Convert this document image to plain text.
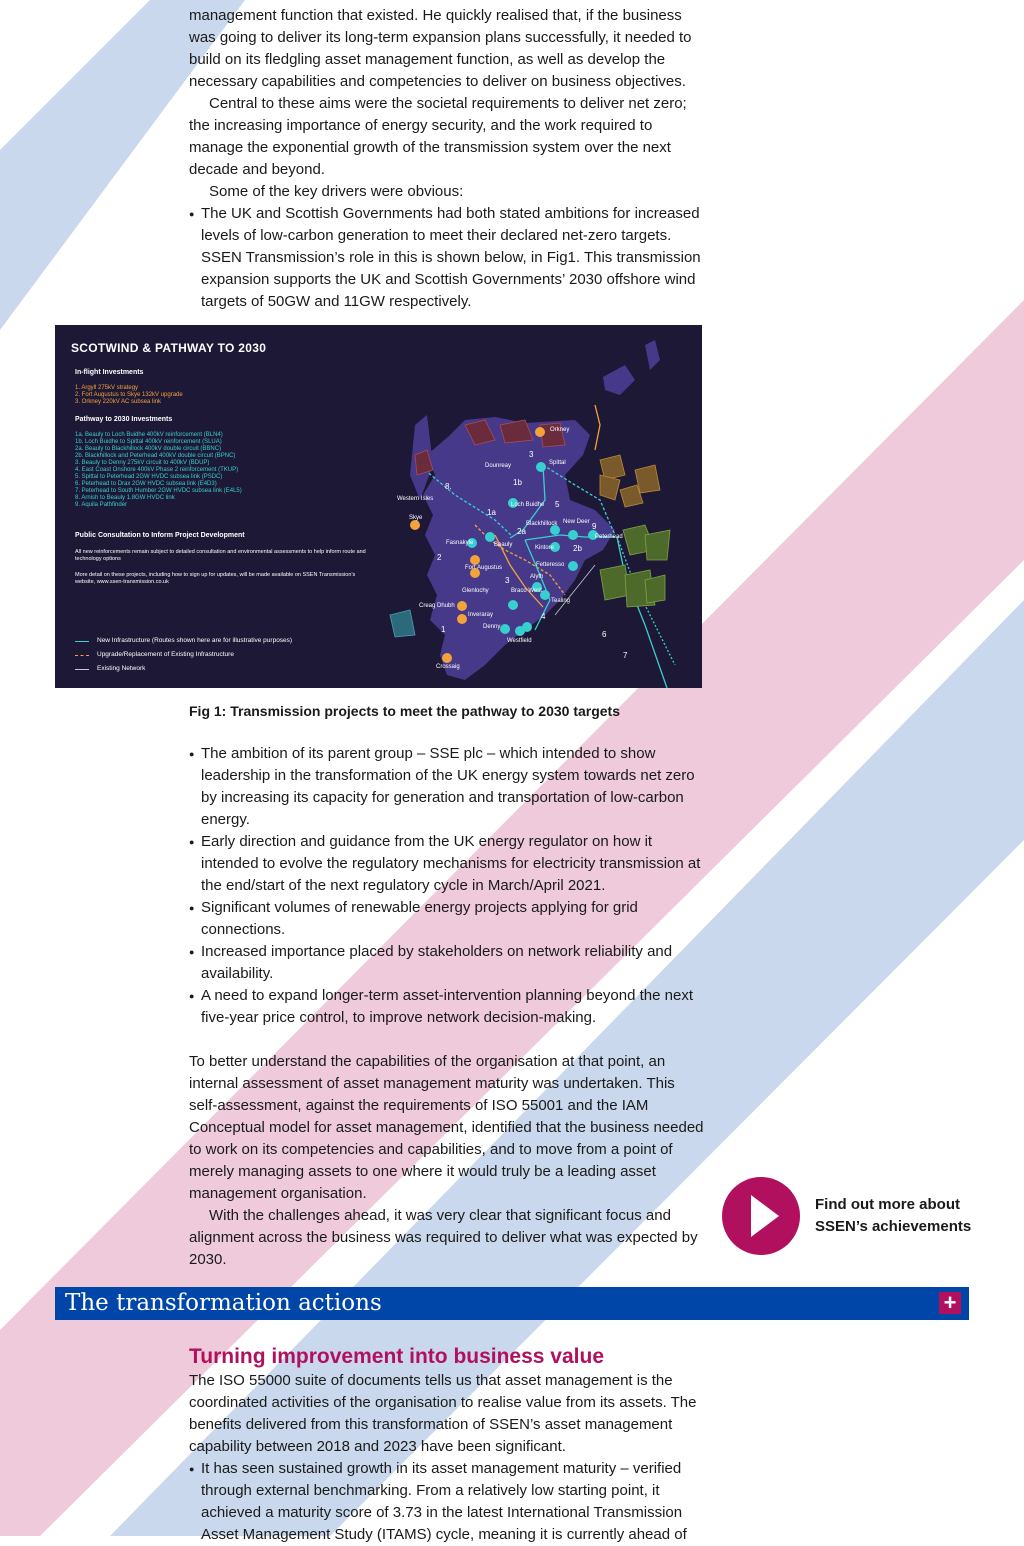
management function that existed. He quickly realised that, if the business was going to deliver its long-term expansion plans successfully, it needed to build on its fledgling asset management function, as well as develop the necessary capabilities and competencies to deliver on business objectives.

Central to these aims were the societal requirements to deliver net zero; the increasing importance of energy security, and the work required to manage the exponential growth of the transmission system over the next decade and beyond.

Some of the key drivers were obvious:

● The UK and Scottish Governments had both stated ambitions for increased levels of low-carbon generation to meet their declared net-zero targets. SSEN Transmission’s role in this is shown below, in Fig1. This transmission expansion supports the UK and Scottish Governments’ 2030 offshore wind targets of 50GW and 11GW respectively.
SCOTWIND & PATHWAY TO 2030
In-flight Investments
1. Argyll 275kV strategy
2. Fort Augustus to Skye 132kV upgrade
3. Orkney 220kV AC subsea link
Pathway to 2030 Investments
1a. Beauly to Loch Buidhe 400kV reinforcement (BLN4)
1b. Loch Buidhe to Spittal 400kV reinforcement (SLUA)
2a. Beauly to Blackhillock 400kV double circuit (BBNC)
2b. Blackhillock and Peterhead 400kV double circuit (BPNC)
3. Beauly to Denny 275kV circuit to 400kV (BDUP)
4. East Coast Onshore 400kV Phase 2 reinforcement (TKUP)
5. Spittal to Peterhead 2GW HVDC subsea link (PSDC)
6. Peterhead to Drax 2GW HVDC subsea link (E4D3)
7. Peterhead to South Humber 2GW HVDC subsea link (E4L5)
8. Arnish to Beauly 1.8GW HVDC link
9. Aquila Pathfinder
Public Consultation to Inform Project Development
All new reinforcements remain subject to detailed consultation and environmental assessments to help inform route and technology options
More detail on these projects, including how to sign up for updates, will be made available on SSEN Transmission’s website, www.ssen-transmission.co.uk
New Infrastructure (Routes shown here are for illustrative purposes)
Upgrade/Replacement of Existing Infrastructure
Existing Network
Orkney
Dounreay	Spittal
Western Isles
Loch Buidhe
Skye
Blackhillock New Deer
Peterhead
Fasnakyle	Beauly	Kintore
Fort Augustus	Fetteresso
Alyth
Glenlochy	Braco West
Tealing
Creag Dhubh
Inveraray
Denny
Westfield
Crossaig
3
1b
1a
2a
2b
5
8.
9
2
3
4
1
6
7
Fig 1: Transmission projects to meet the pathway to 2030 targets
● The ambition of its parent group – SSE plc – which intended to show leadership in the transformation of the UK energy system towards net zero by increasing its capacity for generation and transportation of low-carbon energy.
● Early direction and guidance from the UK energy regulator on how it intended to evolve the regulatory mechanisms for electricity transmission at the end/start of the next regulatory cycle in March/April 2021.
● Significant volumes of renewable energy projects applying for grid connections.
● Increased importance placed by stakeholders on network reliability and availability.
● A need to expand longer-term asset-intervention planning beyond the next five-year price control, to improve network decision-making.

To better understand the capabilities of the organisation at that point, an internal assessment of asset management maturity was undertaken. This self-assessment, against the requirements of ISO 55001 and the IAM Conceptual model for asset management, identified that the business needed to work on its competencies and capabilities, and to move from a point of merely managing assets to one where it would truly be a leading asset management organisation.

With the challenges ahead, it was very clear that significant focus and alignment across the business was required to deliver what was expected by 2030.

Find out more about SSEN’s achievements
The transformation actions	+
Turning improvement into business value

The ISO 55000 suite of documents tells us that asset management is the coordinated activities of the organisation to realise value from its assets. The benefits delivered from this transformation of SSEN’s asset management capability between 2018 and 2023 have been significant.

● It has seen sustained growth in its asset management maturity – verified through external benchmarking. From a relatively low starting point, it achieved a maturity score of 3.73 in the latest International Transmission Asset Management Study (ITAMS) cycle, meaning it is currently ahead of
